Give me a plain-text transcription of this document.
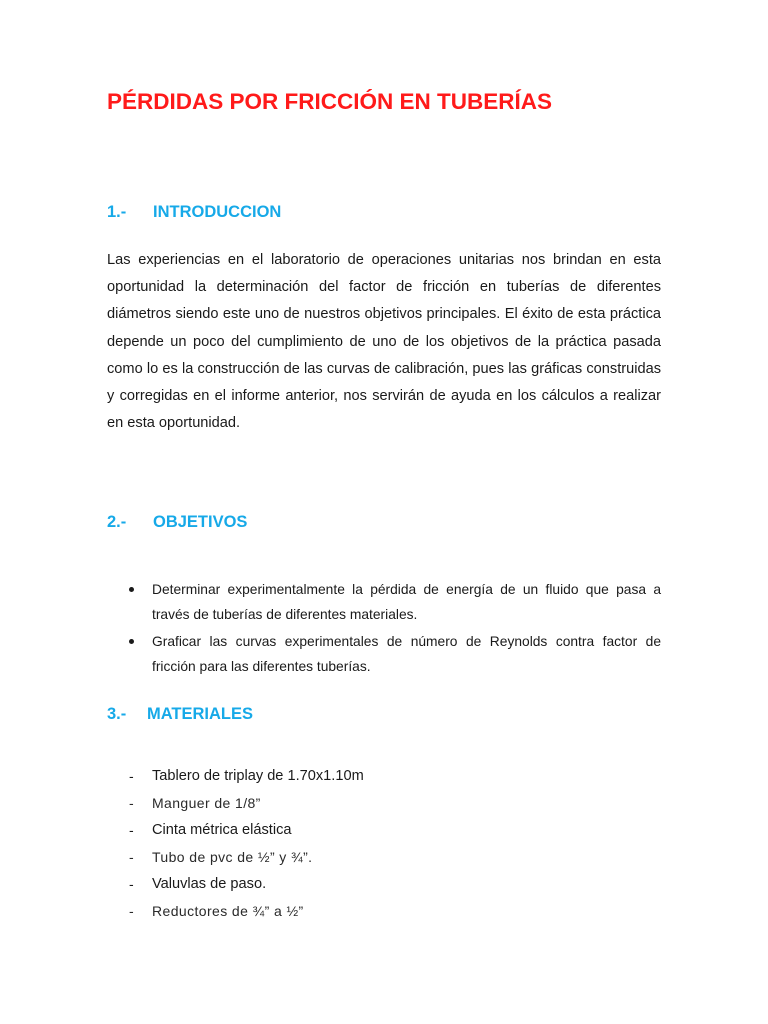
PÉRDIDAS POR FRICCIÓN EN TUBERÍAS
1.- INTRODUCCION

Las experiencias en el laboratorio de operaciones unitarias nos brindan en esta oportunidad la determinación del factor de fricción en tuberías de diferentes diámetros siendo este uno de nuestros objetivos principales. El éxito de esta práctica depende un poco del cumplimiento de uno de los objetivos de la práctica pasada como lo es la construcción de las curvas de calibración, pues las gráficas construidas y corregidas en el informe anterior, nos servirán de ayuda en los cálculos a realizar en esta oportunidad.

2.- OBJETIVOS
Determinar experimentalmente la pérdida de energía de un fluido que pasa a través de tuberías de diferentes materiales.
Graficar las curvas experimentales de número de Reynolds contra factor de fricción para las diferentes tuberías.
3.- MATERIALES
- Tablero de triplay de 1.70x1.10m
- Manguer de 1/8”
- Cinta métrica elástica
- Tubo de pvc de ½” y ¾”.
- Valuvlas de paso.
- Reductores de ¾” a ½”
